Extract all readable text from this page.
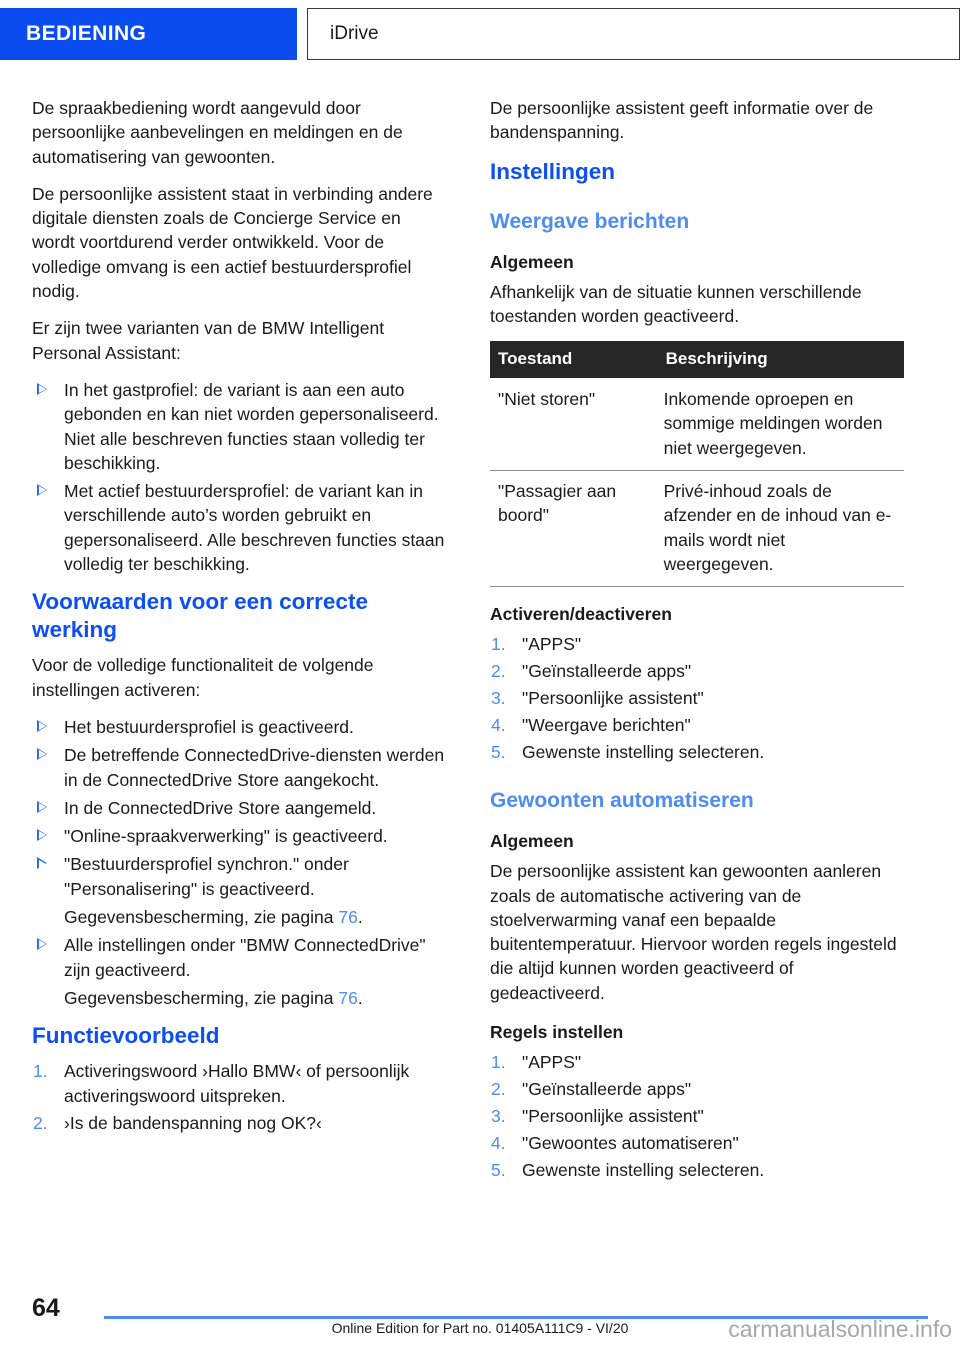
BEDIENING	iDrive

De spraakbediening wordt aangevuld door persoonlijke aanbevelingen en meldingen en de automatisering van gewoonten.

De persoonlijke assistent staat in verbinding andere digitale diensten zoals de Concierge Service en wordt voortdurend verder ontwikkeld. Voor de volledige omvang is een actief bestuurdersprofiel nodig.

Er zijn twee varianten van de BMW Intelligent Personal Assistant:

In het gastprofiel: de variant is aan een auto gebonden en kan niet worden gepersonaliseerd. Niet alle beschreven functies staan volledig ter beschikking.
Met actief bestuurdersprofiel: de variant kan in verschillende auto’s worden gebruikt en gepersonaliseerd. Alle beschreven functies staan volledig ter beschikking.
Voorwaarden voor een correcte werking

Voor de volledige functionaliteit de volgende instellingen activeren:

Het bestuurdersprofiel is geactiveerd.
De betreffende ConnectedDrive-diensten werden in de ConnectedDrive Store aangekocht.
In de ConnectedDrive Store aangemeld.
"Online-spraakverwerking" is geactiveerd.
"Bestuurdersprofiel synchron." onder "Personalisering" is geactiveerd.
Gegevensbescherming, zie pagina 76.
Alle instellingen onder "BMW ConnectedDrive" zijn geactiveerd.
Gegevensbescherming, zie pagina 76.
Functievoorbeeld
Activeringswoord ›Hallo BMW‹ of persoonlijk activeringswoord uitspreken.
›Is de bandenspanning nog OK?‹

De persoonlijke assistent geeft informatie over de bandenspanning.

Instellingen
Weergave berichten
Algemeen

Afhankelijk van de situatie kunnen verschillende toestanden worden geactiveerd.

Toestand	Beschrijving
"Niet storen"	Inkomende oproepen en sommige meldingen worden niet weergegeven.
"Passagier aan boord"	Privé-inhoud zoals de afzender en de inhoud van e-mails wordt niet weergegeven.
Activeren/deactiveren
"APPS"
"Geïnstalleerde apps"
"Persoonlijke assistent"
"Weergave berichten"
Gewenste instelling selecteren.
Gewoonten automatiseren
Algemeen

De persoonlijke assistent kan gewoonten aanleren zoals de automatische activering van de stoelverwarming vanaf een bepaalde buitentemperatuur. Hiervoor worden regels ingesteld die altijd kunnen worden geactiveerd of gedeactiveerd.

Regels instellen
"APPS"
"Geïnstalleerde apps"
"Persoonlijke assistent"
"Gewoontes automatiseren"
Gewenste instelling selecteren.
64
Online Edition for Part no. 01405A111C9 - VI/20	carmanualsonline.info
